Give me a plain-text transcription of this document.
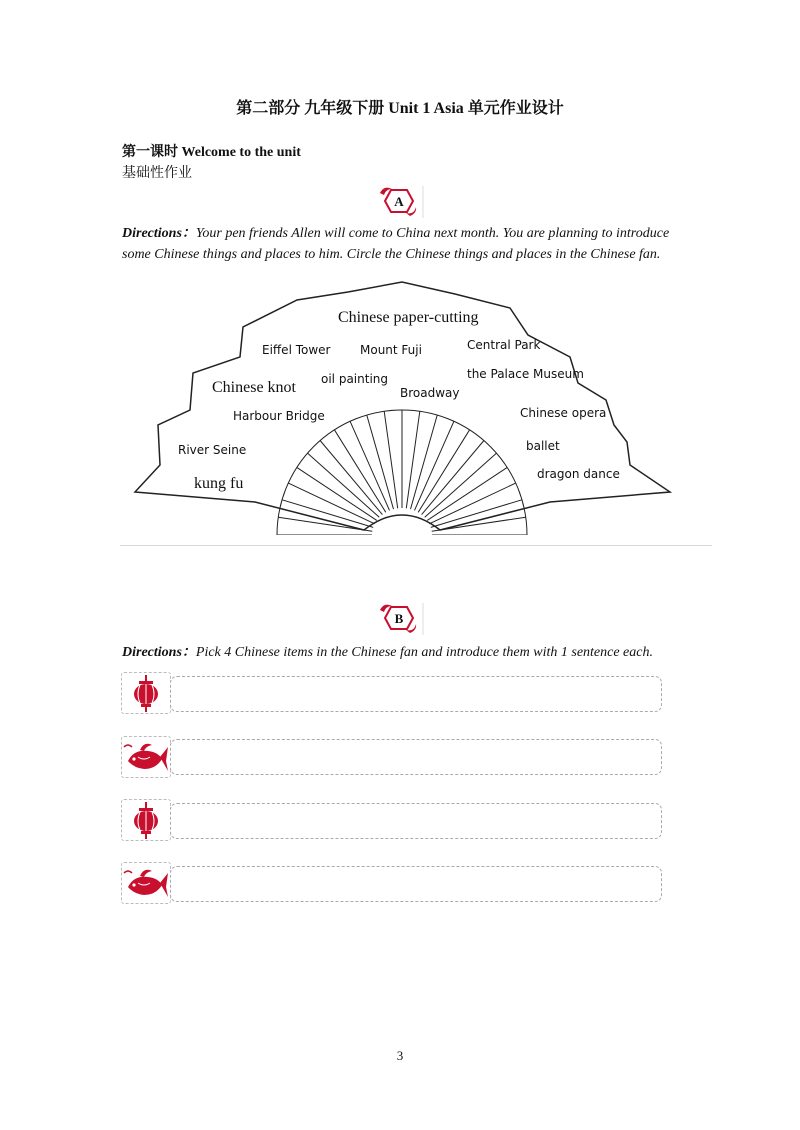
第二部分 九年级下册 Unit 1 Asia 单元作业设计
第一课时 Welcome to the unit
基础性作业
A
Directions：Your pen friends Allen will come to China next month. You are planning to introduce some Chinese things and places to him. Circle the Chinese things and places in the Chinese fan.
Chinese paper-cutting
Eiffel Tower Mount Fuji	Central Park
Chinese knot oil painting	the Palace Museum
Broadway
Harbour Bridge	Chinese opera
River Seine	ballet
kung fu
dragon dance
B
Directions：Pick 4 Chinese items in the Chinese fan and introduce them with 1 sentence each.
3
